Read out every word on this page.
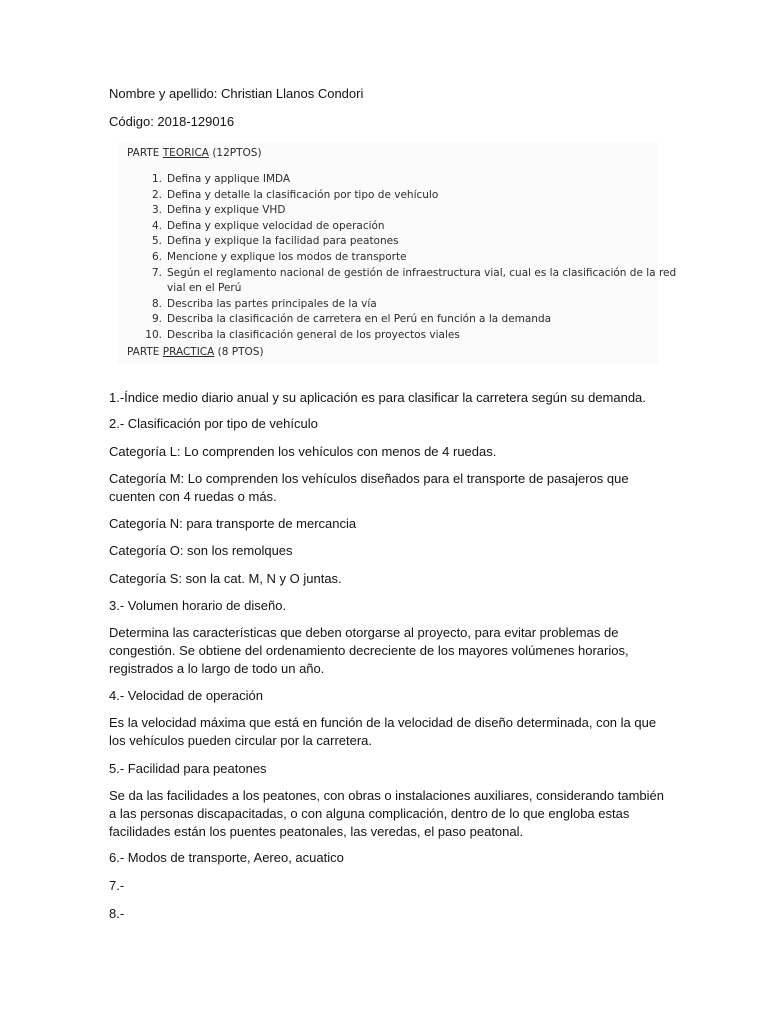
Nombre y apellido: Christian Llanos Condori
Código: 2018-129016
PARTE TEORICA (12PTOS)
1. Defina y applique IMDA
2. Defina y detalle la clasificación por tipo de vehículo
3. Defina y explique VHD
4. Defina y explique velocidad de operación
5. Defina y explique la facilidad para peatones
6. Mencione y explique los modos de transporte
7. Según el reglamento nacional de gestión de infraestructura vial, cual es la clasificación de la red
vial en el Perú
8. Describa las partes principales de la vía
9. Describa la clasificación de carretera en el Perú en función a la demanda
10. Describa la clasificación general de los proyectos viales
PARTE PRACTICA (8 PTOS)
1.-Índice medio diario anual y su aplicación es para clasificar la carretera según su demanda.
2.- Clasificación por tipo de vehículo
Categoría L: Lo comprenden los vehículos con menos de 4 ruedas.
Categoría M: Lo comprenden los vehículos diseñados para el transporte de pasajeros que
cuenten con 4 ruedas o más.
Categoría N: para transporte de mercancia
Categoría O: son los remolques
Categoría S: son la cat. M, N y O juntas.
3.- Volumen horario de diseño.
Determina las características que deben otorgarse al proyecto, para evitar problemas de
congestión. Se obtiene del ordenamiento decreciente de los mayores volúmenes horarios,
registrados a lo largo de todo un año.
4.- Velocidad de operación
Es la velocidad máxima que está en función de la velocidad de diseño determinada, con la que
los vehículos pueden circular por la carretera.
5.- Facilidad para peatones
Se da las facilidades a los peatones, con obras o instalaciones auxiliares, considerando también
a las personas discapacitadas, o con alguna complicación, dentro de lo que engloba estas
facilidades están los puentes peatonales, las veredas, el paso peatonal.
6.- Modos de transporte, Aereo, acuatico
7.-
8.-
